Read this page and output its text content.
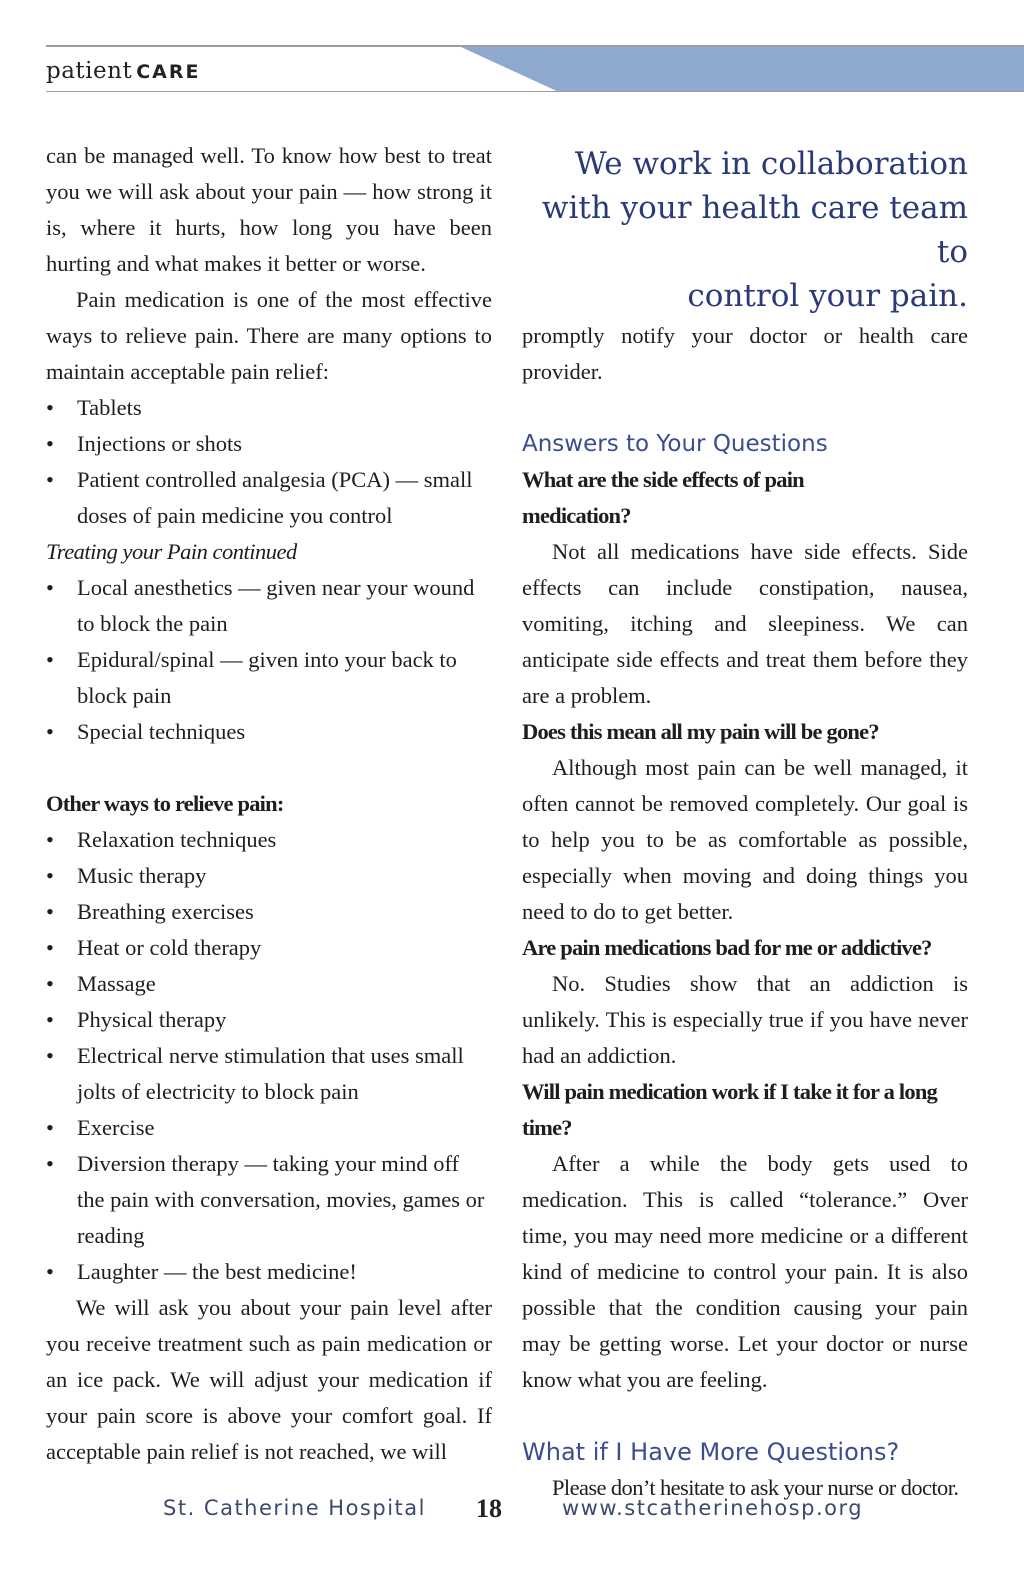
patient CARE

can be managed well. To know how best to treat you we will ask about your pain — how strong it is, where it hurts, how long you have been hurting and what makes it better or worse.

Pain medication is one of the most effective ways to relieve pain. There are many options to maintain acceptable pain relief:

• Tablets
• Injections or shots
• Patient controlled analgesia (PCA) — small doses of pain medicine you control

Treating your Pain continued

• Local anesthetics — given near your wound to block the pain
• Epidural/spinal — given into your back to block pain
• Special techniques

Other ways to relieve pain:

• Relaxation techniques
• Music therapy
• Breathing exercises
• Heat or cold therapy
• Massage
• Physical therapy
• Electrical nerve stimulation that uses small jolts of electricity to block pain
• Exercise
• Diversion therapy — taking your mind off the pain with conversation, movies, games or reading
• Laughter — the best medicine!

We will ask you about your pain level after you receive treatment such as pain medication or an ice pack. We will adjust your medication if your pain score is above your comfort goal. If acceptable pain relief is not reached, we will

We work in collaboration
with your health care team to
control your pain.

promptly notify your doctor or health care provider.

Answers to Your Questions

What are the side effects of pain medication?

Not all medications have side effects. Side effects can include constipation, nausea, vomiting, itching and sleepiness. We can anticipate side effects and treat them before they are a problem.

Does this mean all my pain will be gone?

Although most pain can be well managed, it often cannot be removed completely. Our goal is to help you to be as comfortable as possible, especially when moving and doing things you need to do to get better.

Are pain medications bad for me or addictive?

No. Studies show that an addiction is unlikely. This is especially true if you have never had an addiction.

Will pain medication work if I take it for a long time?

After a while the body gets used to medication. This is called “tolerance.” Over time, you may need more medicine or a different kind of medicine to control your pain. It is also possible that the condition causing your pain may be getting worse. Let your doctor or nurse know what you are feeling.

What if I Have More Questions?

Please don’t hesitate to ask your nurse or doctor.

St. Catherine Hospital 18	www.stcatherinehosp.org
